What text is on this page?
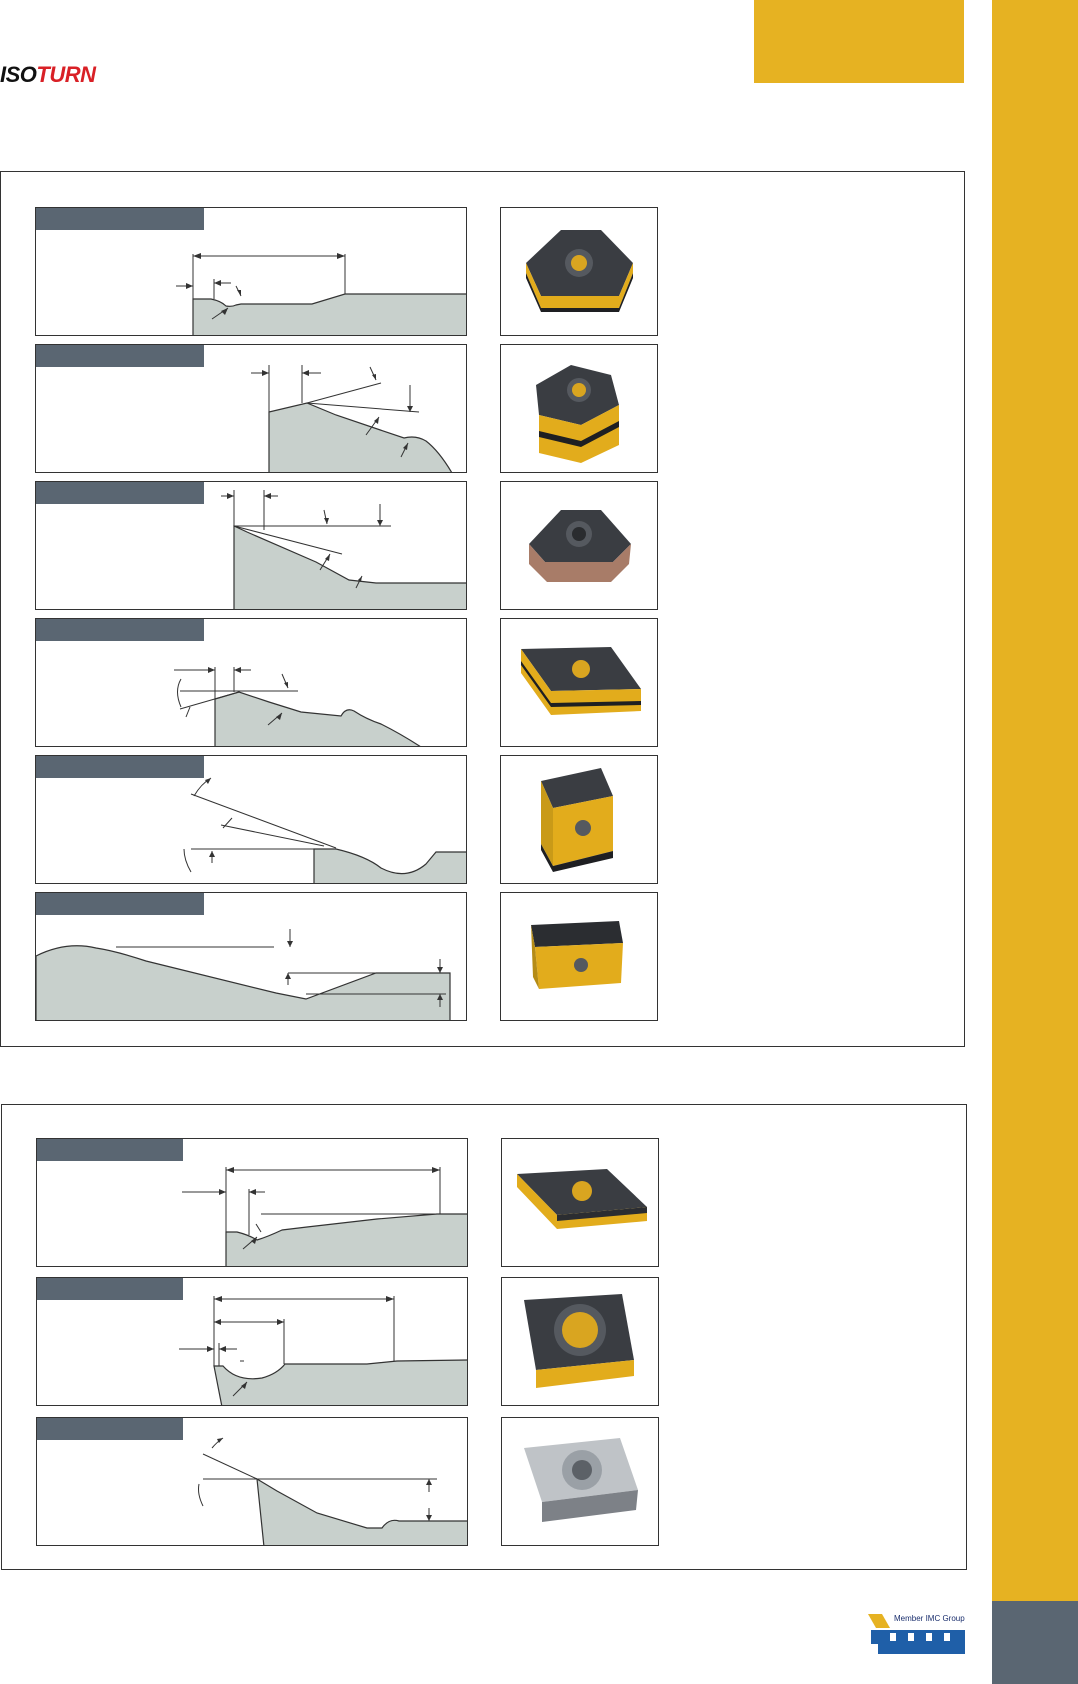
ISOTURN
Member IMC Group
